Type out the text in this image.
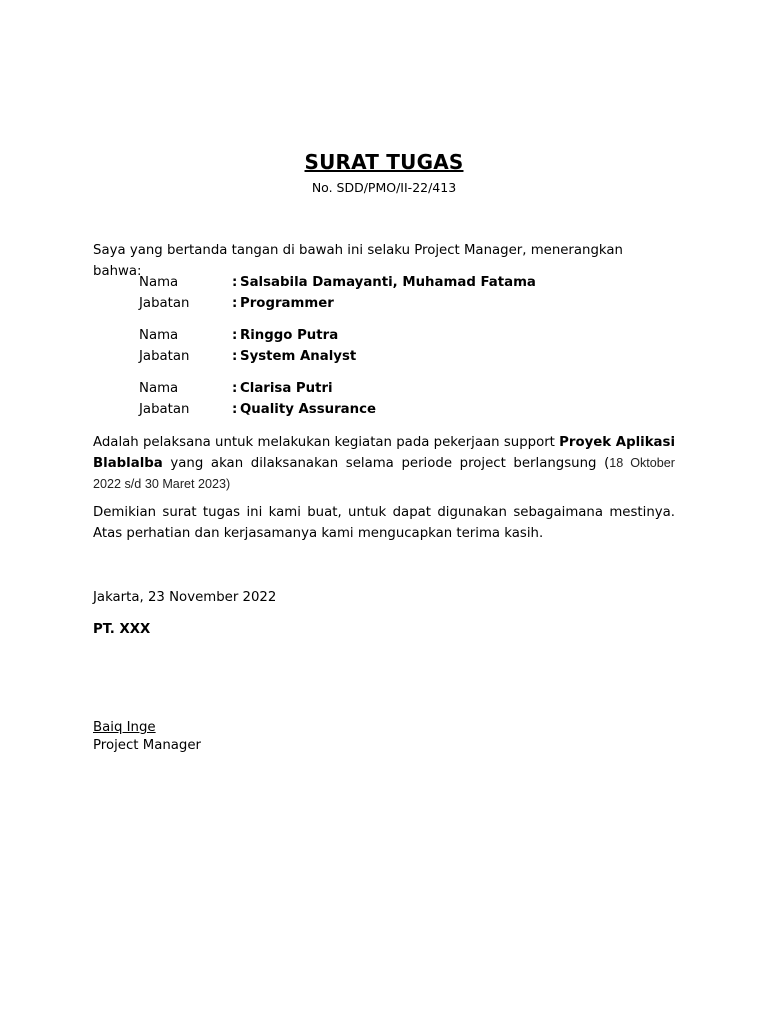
SURAT TUGAS
No. SDD/PMO/II-22/413
Saya yang bertanda tangan di bawah ini selaku Project Manager, menerangkan bahwa:
Nama	: Salsabila Damayanti, Muhamad Fatama
Jabatan	: Programmer
Nama	: Ringgo Putra
Jabatan	: System Analyst
Nama	: Clarisa Putri
Jabatan	: Quality Assurance
Adalah pelaksana untuk melakukan kegiatan pada pekerjaan support Proyek Aplikasi Blablalba yang akan dilaksanakan selama periode project berlangsung (18 Oktober 2022 s/d 30 Maret 2023)
Demikian surat tugas ini kami buat, untuk dapat digunakan sebagaimana mestinya. Atas perhatian dan kerjasamanya kami mengucapkan terima kasih.
Jakarta, 23 November 2022
PT. XXX
Baiq Inge
Project Manager
